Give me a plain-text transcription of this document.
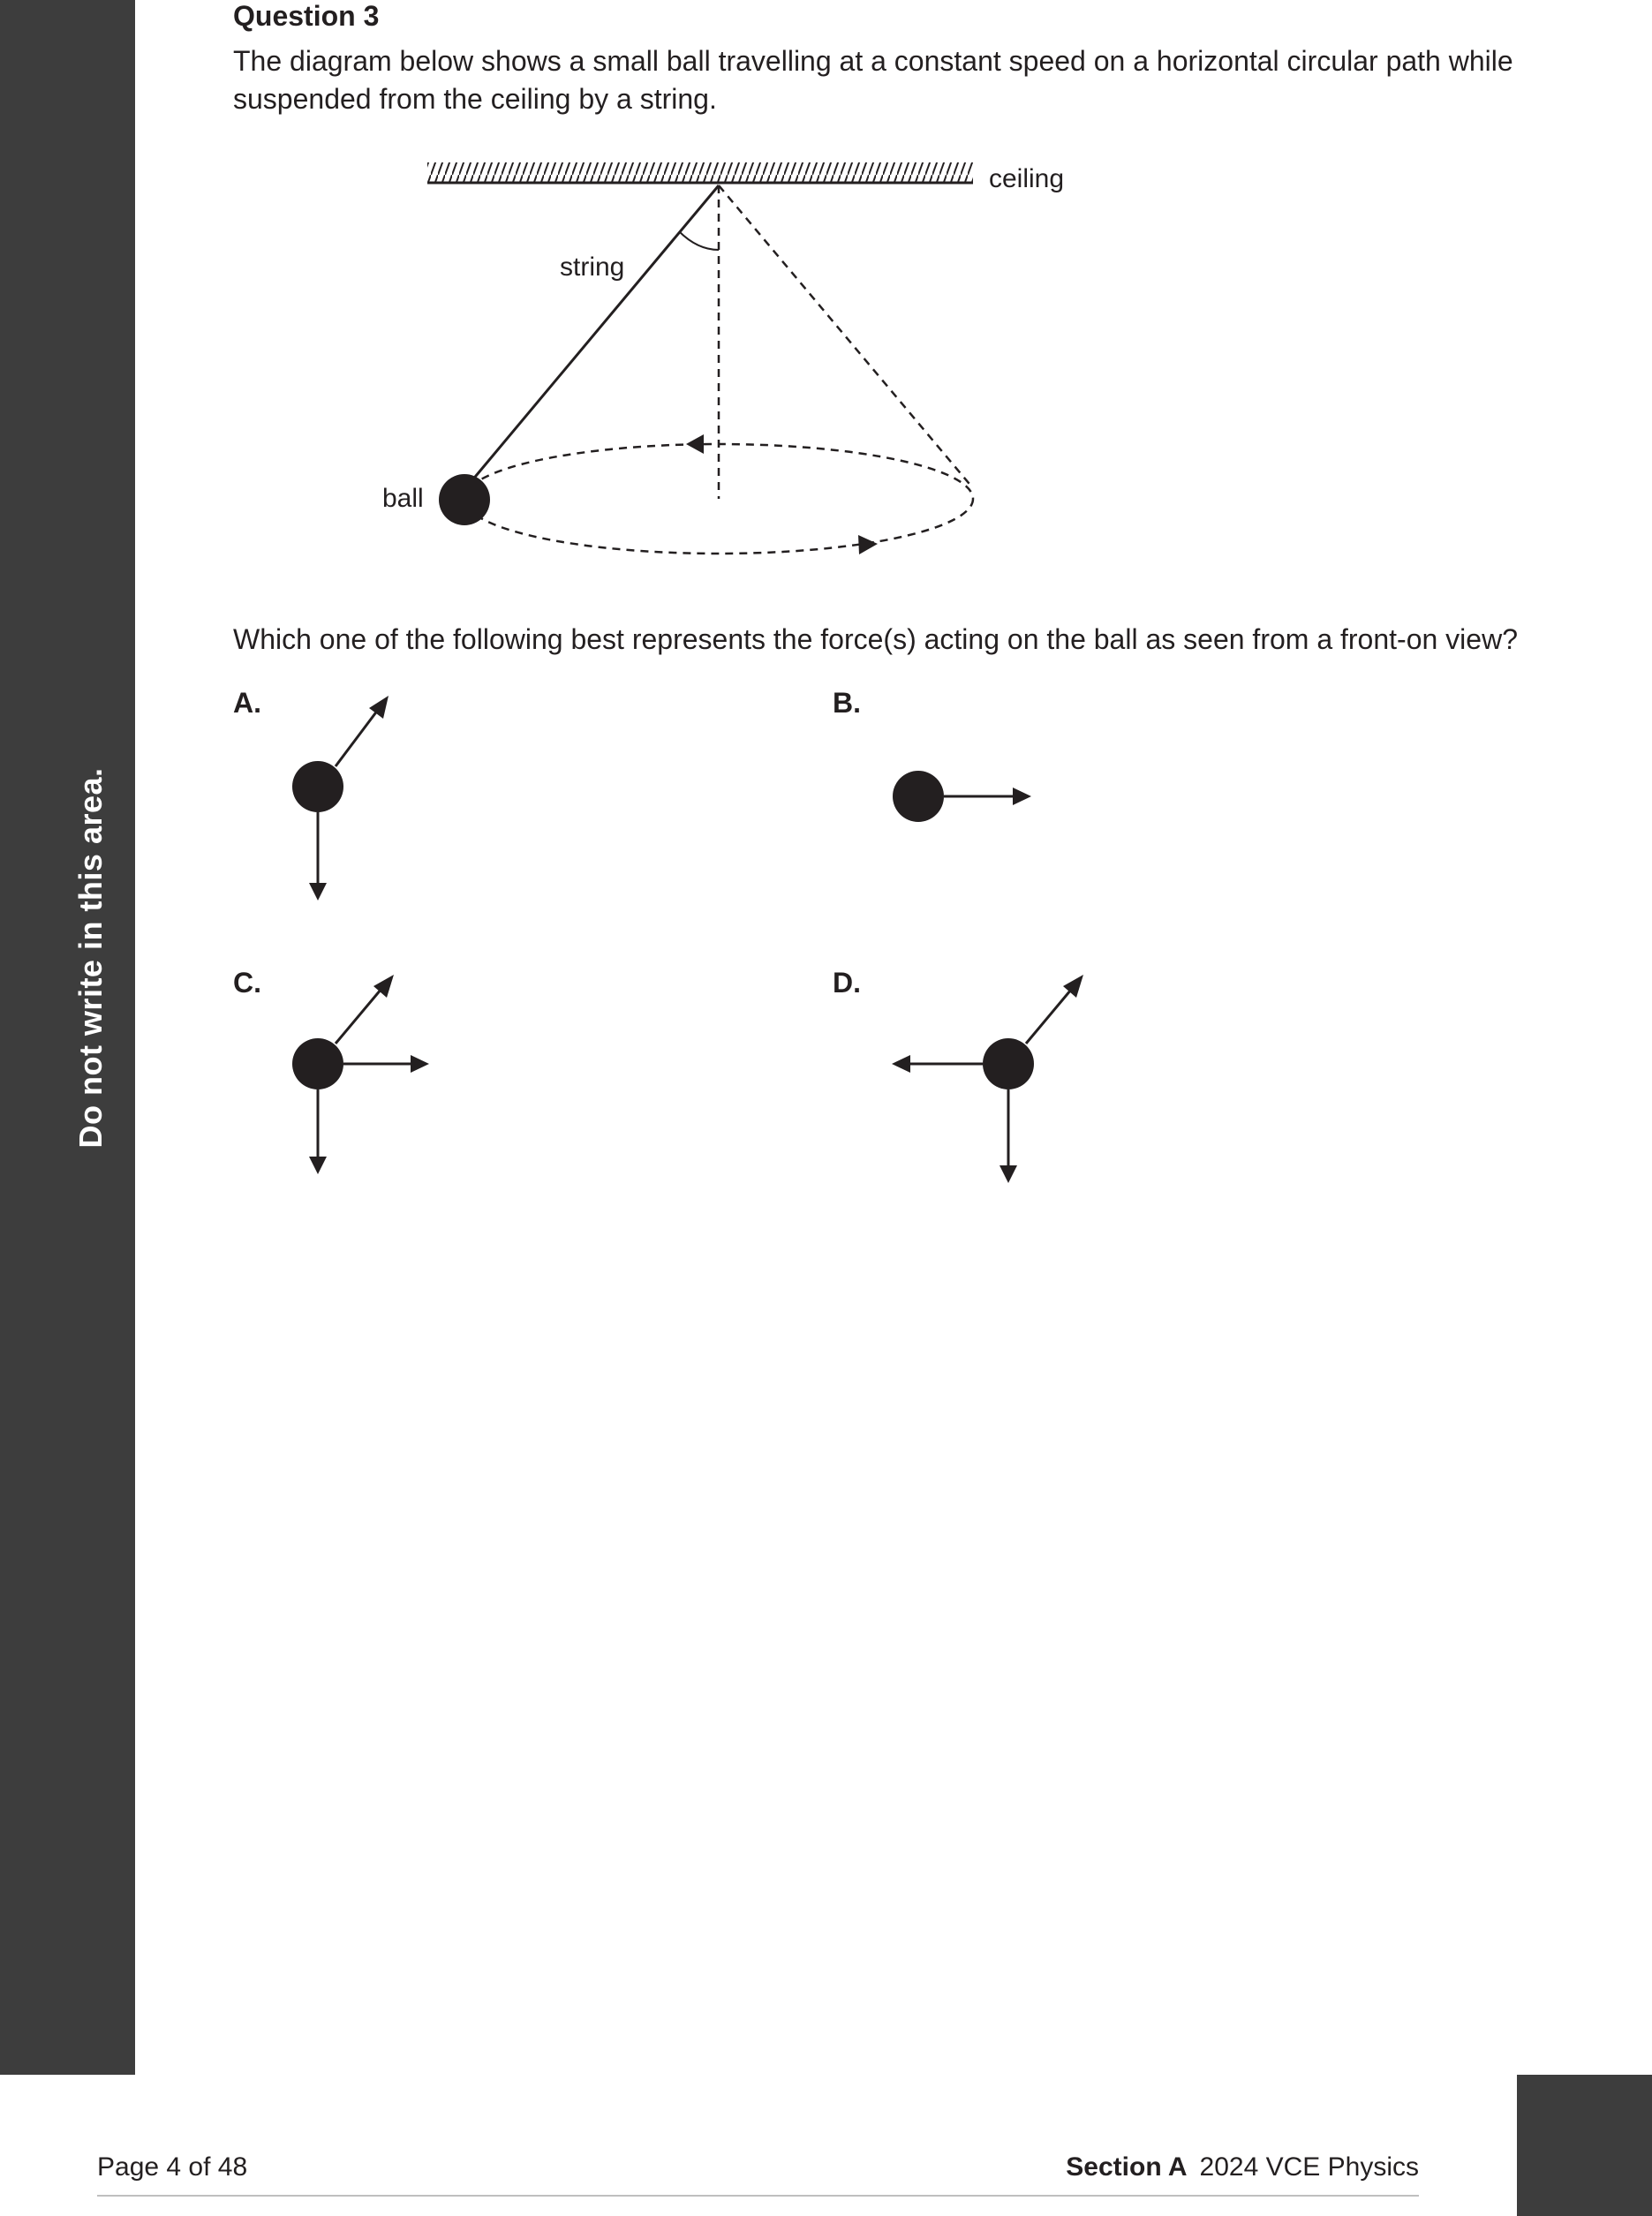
Do not write in this area.
Question 3
The diagram below shows a small ball travelling at a constant speed on a horizontal circular path while suspended from the ceiling by a string.
ceiling
string
ball
Which one of the following best represents the force(s) acting on the ball as seen from a front-on view?
A.	B.
C.	D.
Page 4 of 48	Section A 2024 VCE Physics
